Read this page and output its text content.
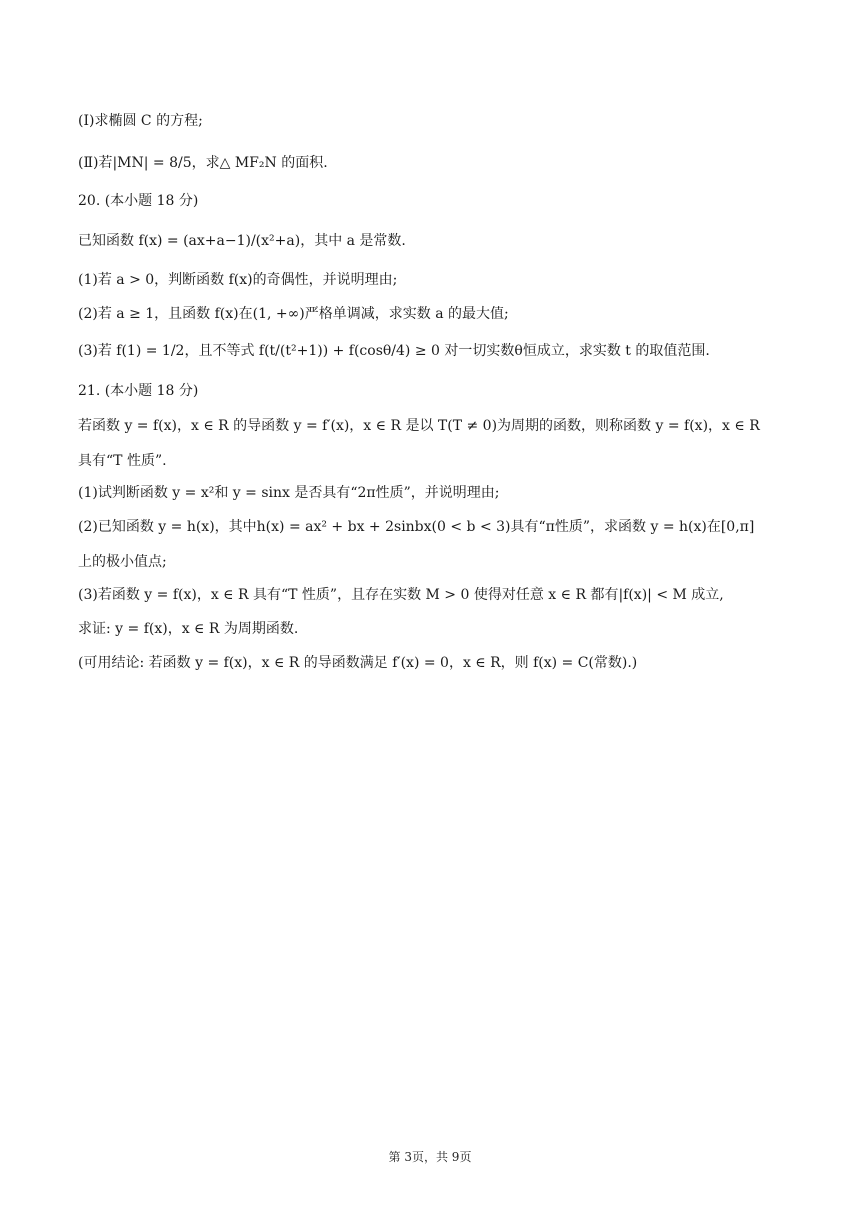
(Ⅰ)求椭圆 C 的方程;
(Ⅱ)若|MN| = 8/5，求△ MF₂N 的面积.
20. (本小题 18 分)
已知函数 f(x) = (ax+a−1)/(x²+a)，其中 a 是常数.
(1)若 a > 0，判断函数 f(x)的奇偶性，并说明理由;
(2)若 a ≥ 1，且函数 f(x)在(1, +∞)严格单调减，求实数 a 的最大值;
(3)若 f(1) = 1/2，且不等式 f(t/(t²+1)) + f(cosθ/4) ≥ 0 对一切实数θ恒成立，求实数 t 的取值范围.
21. (本小题 18 分)
若函数 y = f(x)，x ∈ R 的导函数 y = f′(x)，x ∈ R 是以 T(T ≠ 0)为周期的函数，则称函数 y = f(x)，x ∈ R
具有“T 性质”.
(1)试判断函数 y = x²和 y = sinx 是否具有“2π性质”，并说明理由;
(2)已知函数 y = h(x)，其中h(x) = ax² + bx + 2sinbx(0 < b < 3)具有“π性质”，求函数 y = h(x)在[0,π]
上的极小值点;
(3)若函数 y = f(x)，x ∈ R 具有“T 性质”，且存在实数 M > 0 使得对任意 x ∈ R 都有|f(x)| < M 成立,
求证: y = f(x)，x ∈ R 为周期函数.
(可用结论: 若函数 y = f(x)，x ∈ R 的导函数满足 f′(x) = 0，x ∈ R，则 f(x) = C(常数).)
第 3页，共 9页
